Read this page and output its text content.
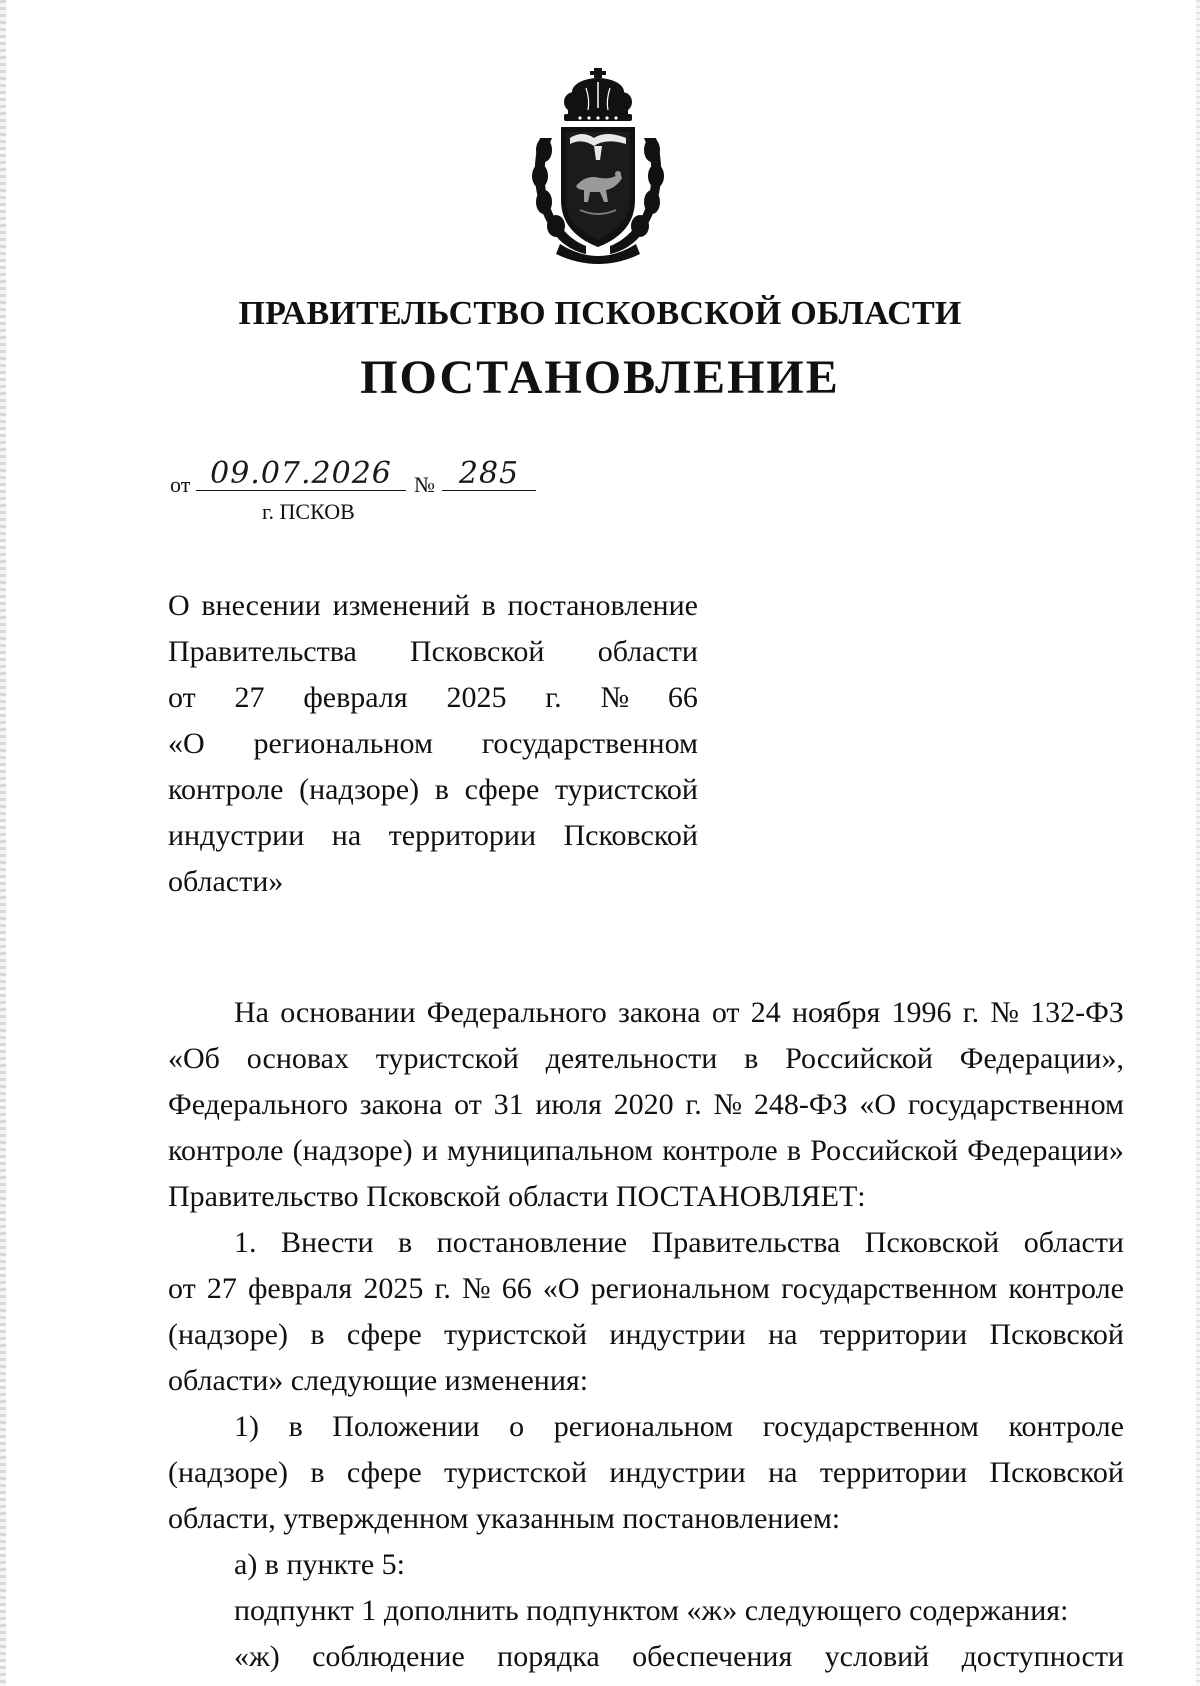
ПРАВИТЕЛЬСТВО ПСКОВСКОЙ ОБЛАСТИ
ПОСТАНОВЛЕНИЕ
от 09.07.2026	№ 285
г. ПСКОВ
О внесении изменений в постановление
Правительства Псковской области
от 27 февраля 2025 г. № 66
«О региональном государственном
контроле (надзоре) в сфере туристской
индустрии на территории Псковской
области»
На основании Федерального закона от 24 ноября 1996 г. № 132-ФЗ
«Об основах туристской деятельности в Российской Федерации»,
Федерального закона от 31 июля 2020 г. № 248-ФЗ «О государственном
контроле (надзоре) и муниципальном контроле в Российской Федерации»
Правительство Псковской области ПОСТАНОВЛЯЕТ:
1. Внести в постановление Правительства Псковской области
от 27 февраля 2025 г. № 66 «О региональном государственном контроле
(надзоре) в сфере туристской индустрии на территории Псковской
области» следующие изменения:
1) в Положении о региональном государственном контроле
(надзоре) в сфере туристской индустрии на территории Псковской
области, утвержденном указанным постановлением:
а) в пункте 5:
подпункт 1 дополнить подпунктом «ж» следующего содержания:
«ж) соблюдение порядка обеспечения условий доступности
